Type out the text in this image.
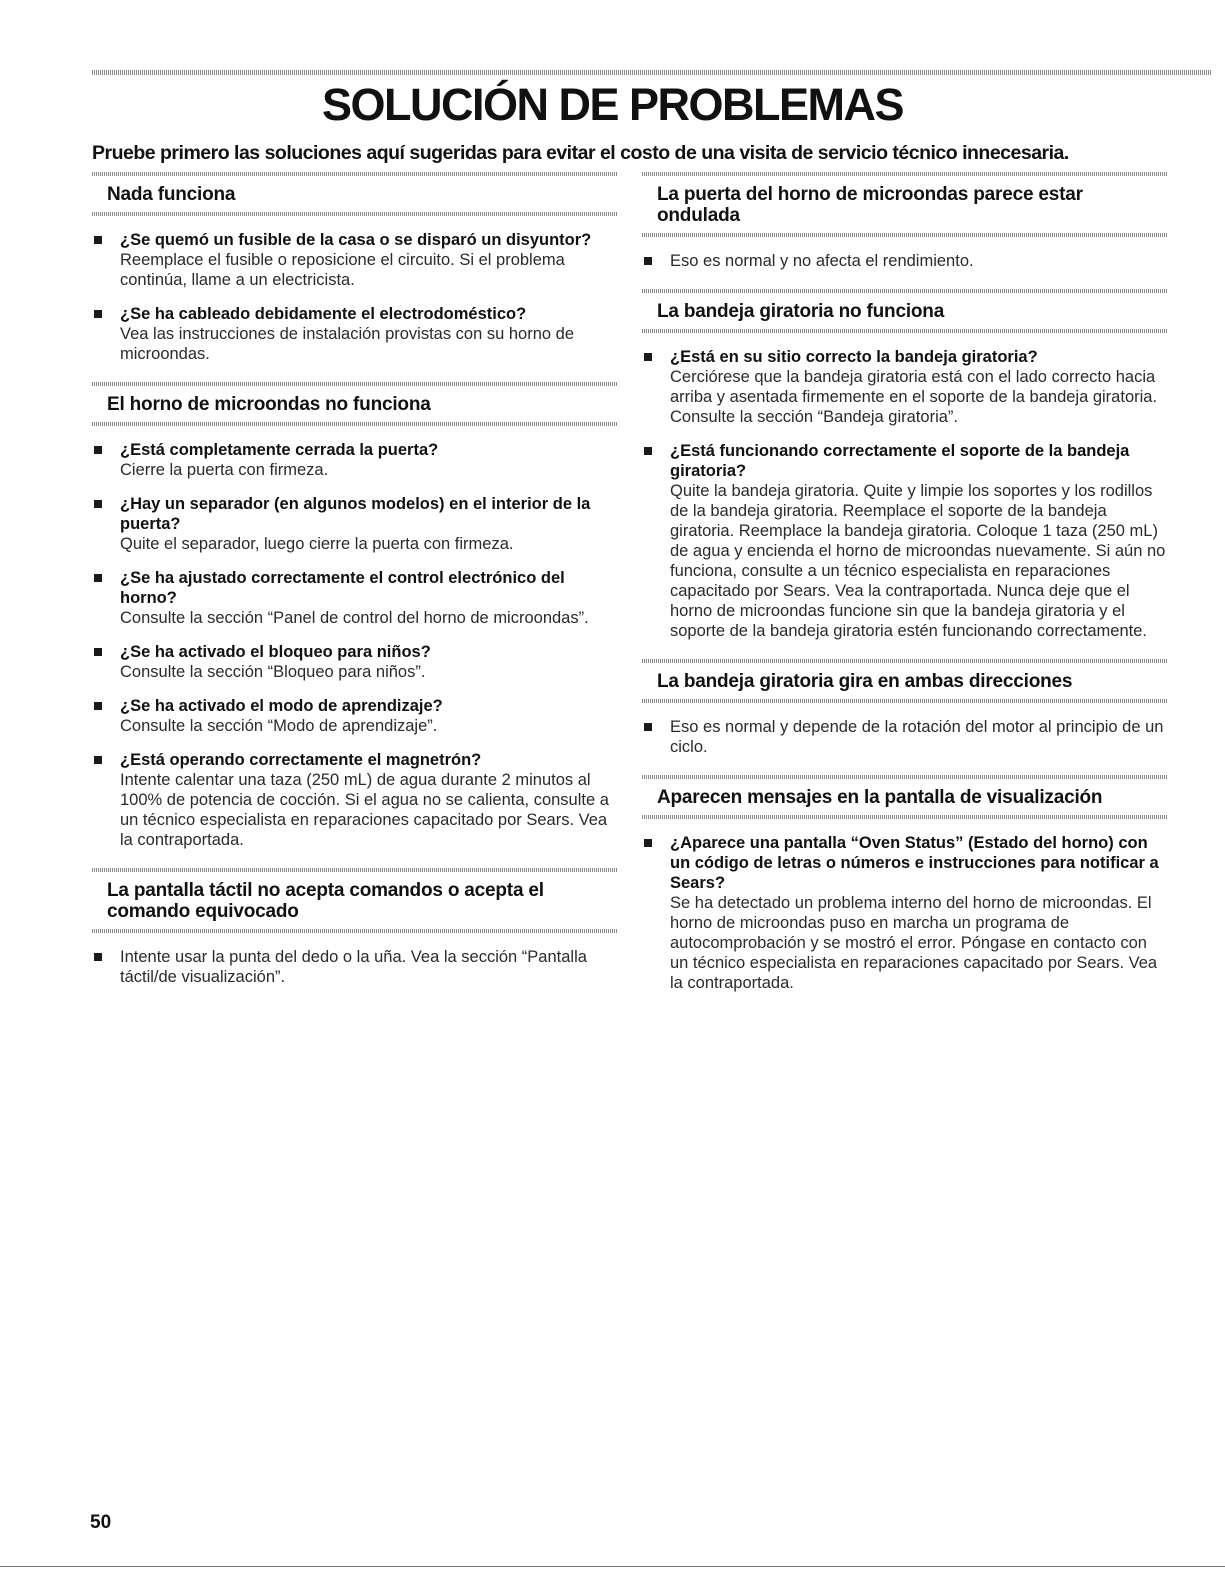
SOLUCIÓN DE PROBLEMAS
Pruebe primero las soluciones aquí sugeridas para evitar el costo de una visita de servicio técnico innecesaria.
Nada funciona
¿Se quemó un fusible de la casa o se disparó un disyuntor?
Reemplace el fusible o reposicione el circuito. Si el problema continúa, llame a un electricista.
¿Se ha cableado debidamente el electrodoméstico?
Vea las instrucciones de instalación provistas con su horno de microondas.
El horno de microondas no funciona
¿Está completamente cerrada la puerta?
Cierre la puerta con firmeza.
¿Hay un separador (en algunos modelos) en el interior de la puerta?
Quite el separador, luego cierre la puerta con firmeza.
¿Se ha ajustado correctamente el control electrónico del horno?
Consulte la sección “Panel de control del horno de microondas”.
¿Se ha activado el bloqueo para niños?
Consulte la sección “Bloqueo para niños”.
¿Se ha activado el modo de aprendizaje?
Consulte la sección “Modo de aprendizaje”.
¿Está operando correctamente el magnetrón?
Intente calentar una taza (250 mL) de agua durante 2 minutos al 100% de potencia de cocción. Si el agua no se calienta, consulte a un técnico especialista en reparaciones capacitado por Sears. Vea la contraportada.
La pantalla táctil no acepta comandos o acepta el comando equivocado
Intente usar la punta del dedo o la uña. Vea la sección “Pantalla táctil/de visualización”.
La puerta del horno de microondas parece estar ondulada
Eso es normal y no afecta el rendimiento.
La bandeja giratoria no funciona
¿Está en su sitio correcto la bandeja giratoria?
Cerciórese que la bandeja giratoria está con el lado correcto hacia arriba y asentada firmemente en el soporte de la bandeja giratoria. Consulte la sección “Bandeja giratoria”.
¿Está funcionando correctamente el soporte de la bandeja giratoria?
Quite la bandeja giratoria. Quite y limpie los soportes y los rodillos de la bandeja giratoria. Reemplace el soporte de la bandeja giratoria. Reemplace la bandeja giratoria. Coloque 1 taza (250 mL) de agua y encienda el horno de microondas nuevamente. Si aún no funciona, consulte a un técnico especialista en reparaciones capacitado por Sears. Vea la contraportada. Nunca deje que el horno de microondas funcione sin que la bandeja giratoria y el soporte de la bandeja giratoria estén funcionando correctamente.
La bandeja giratoria gira en ambas direcciones
Eso es normal y depende de la rotación del motor al principio de un ciclo.
Aparecen mensajes en la pantalla de visualización
¿Aparece una pantalla “Oven Status” (Estado del horno) con un código de letras o números e instrucciones para notificar a Sears?
Se ha detectado un problema interno del horno de microondas. El horno de microondas puso en marcha un programa de autocomprobación y se mostró el error. Póngase en contacto con un técnico especialista en reparaciones capacitado por Sears. Vea la contraportada.
50
